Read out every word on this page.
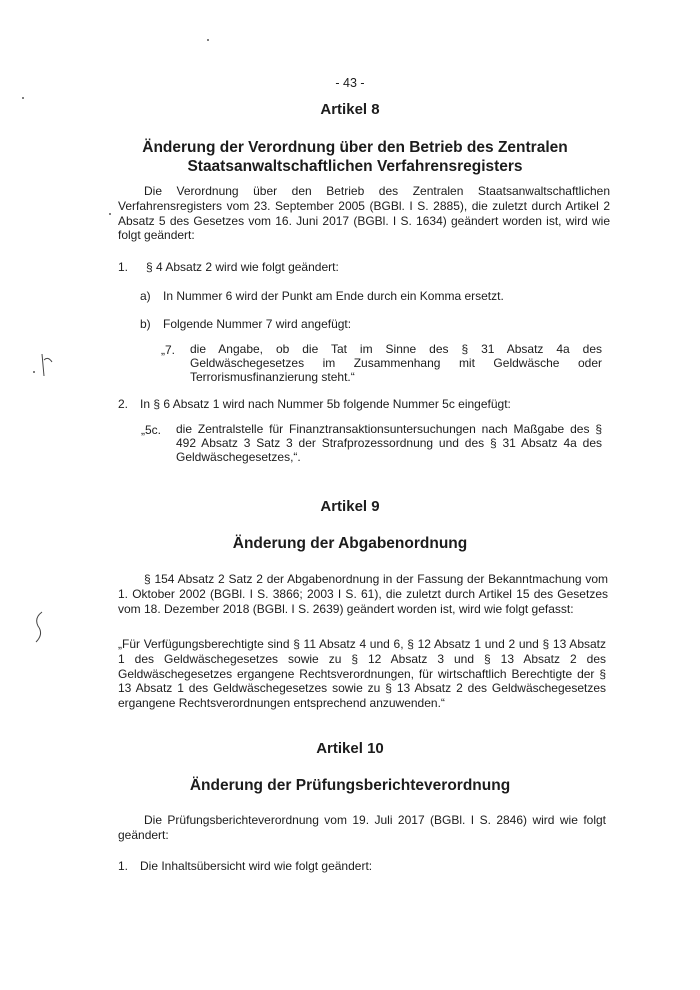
- 43 -
Artikel 8
Änderung der Verordnung über den Betrieb des Zentralen Staatsanwaltschaftlichen Verfahrensregisters
Die Verordnung über den Betrieb des Zentralen Staatsanwaltschaftlichen Verfahrensregisters vom 23. September 2005 (BGBl. I S. 2885), die zuletzt durch Artikel 2 Absatz 5 des Gesetzes vom 16. Juni 2017 (BGBl. I S. 1634) geändert worden ist, wird wie folgt geändert:
1. § 4 Absatz 2 wird wie folgt geändert:
a) In Nummer 6 wird der Punkt am Ende durch ein Komma ersetzt.
b) Folgende Nummer 7 wird angefügt:
„7. die Angabe, ob die Tat im Sinne des § 31 Absatz 4a des Geldwäschegesetzes im Zusammenhang mit Geldwäsche oder Terrorismusfinanzierung steht.“
2. In § 6 Absatz 1 wird nach Nummer 5b folgende Nummer 5c eingefügt:
„5c. die Zentralstelle für Finanztransaktionsuntersuchungen nach Maßgabe des § 492 Absatz 3 Satz 3 der Strafprozessordnung und des § 31 Absatz 4a des Geldwäschegesetzes,“.
Artikel 9
Änderung der Abgabenordnung
§ 154 Absatz 2 Satz 2 der Abgabenordnung in der Fassung der Bekanntmachung vom 1. Oktober 2002 (BGBl. I S. 3866; 2003 I S. 61), die zuletzt durch Artikel 15 des Gesetzes vom 18. Dezember 2018 (BGBl. I S. 2639) geändert worden ist, wird wie folgt gefasst:
„Für Verfügungsberechtigte sind § 11 Absatz 4 und 6, § 12 Absatz 1 und 2 und § 13 Absatz 1 des Geldwäschegesetzes sowie zu § 12 Absatz 3 und § 13 Absatz 2 des Geldwäschegesetzes ergangene Rechtsverordnungen, für wirtschaftlich Berechtigte der § 13 Absatz 1 des Geldwäschegesetzes sowie zu § 13 Absatz 2 des Geldwäschegesetzes ergangene Rechtsverordnungen entsprechend anzuwenden.“
Artikel 10
Änderung der Prüfungsberichteverordnung
Die Prüfungsberichteverordnung vom 19. Juli 2017 (BGBl. I S. 2846) wird wie folgt geändert:
1. Die Inhaltsübersicht wird wie folgt geändert:
